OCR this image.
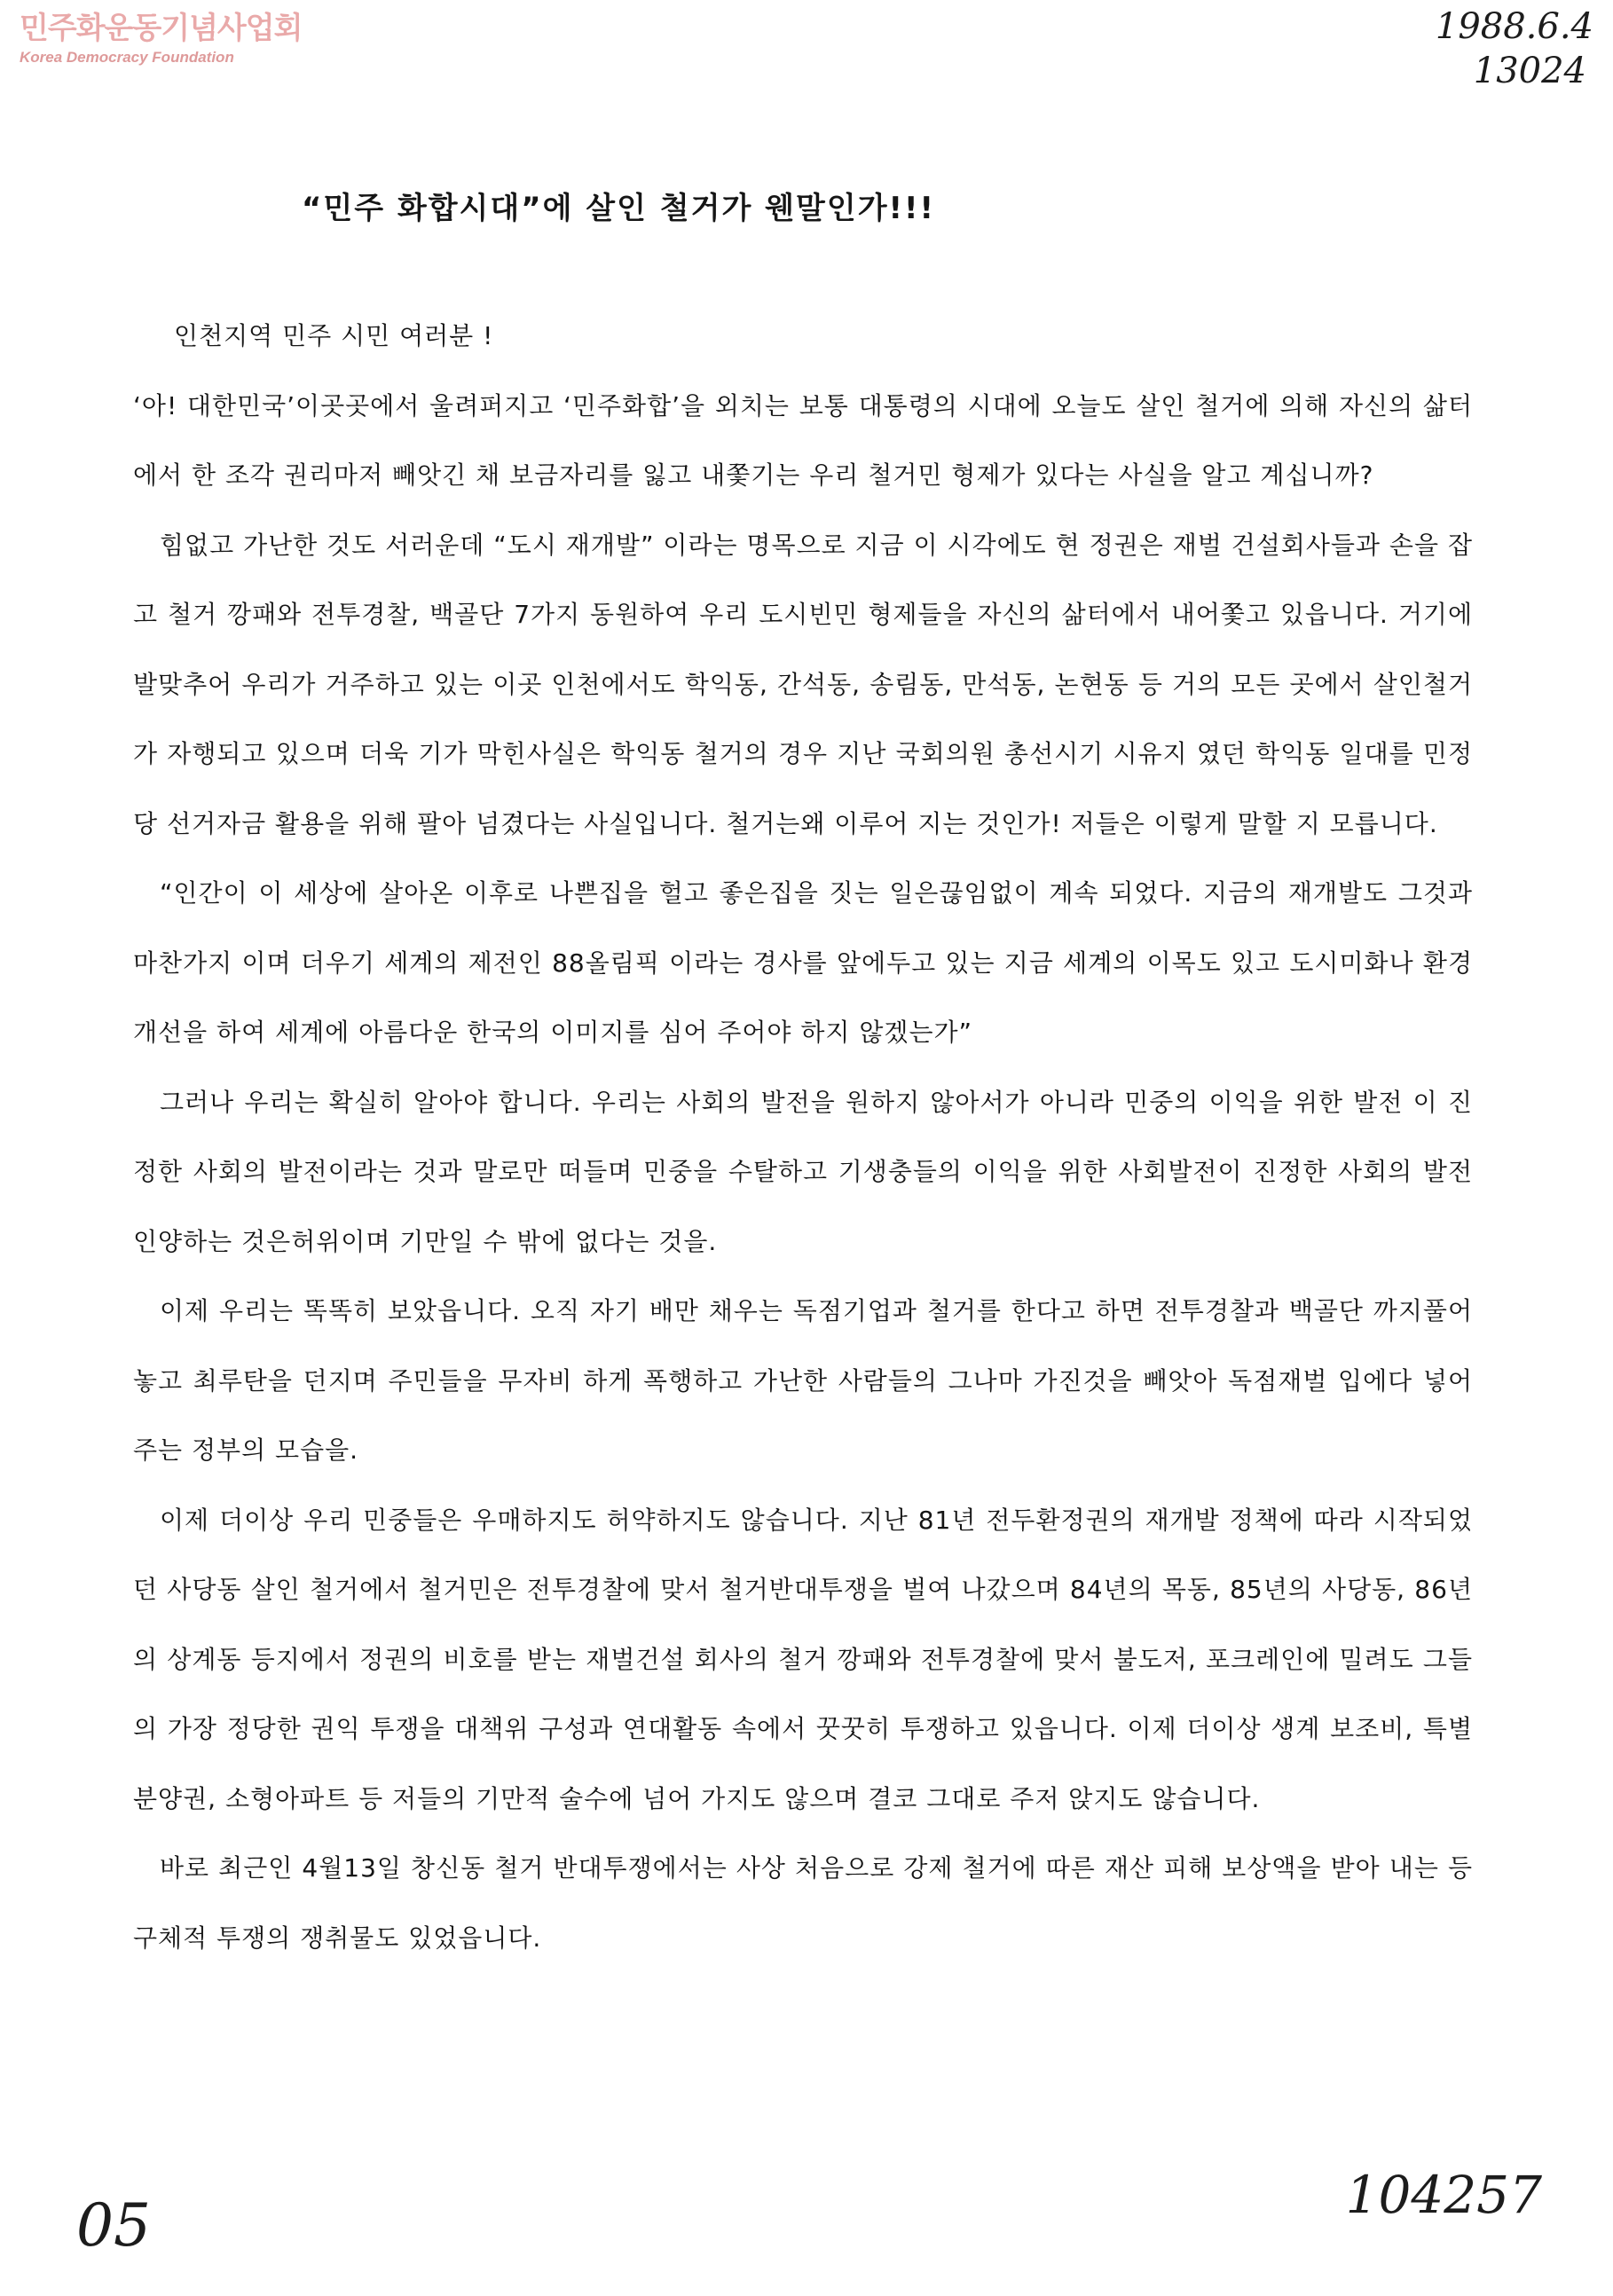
민주화운동기념사업회
Korea Democracy Foundation
1988.6.4
13024
“민주 화합시대”에 살인 철거가 웬말인가!!!

인천지역 민주 시민 여러분 !

‘아! 대한민국’이곳곳에서 울려퍼지고 ‘민주화합’을 외치는 보통 대통령의 시대에 오늘도 살인 철거에 의해 자신의 삶터에서 한 조각 권리마저 빼앗긴 채 보금자리를 잃고 내쫓기는 우리 철거민 형제가 있다는 사실을 알고 계십니까?

힘없고 가난한 것도 서러운데 “도시 재개발” 이라는 명목으로 지금 이 시각에도 현 정권은 재벌 건설회사들과 손을 잡고 철거 깡패와 전투경찰, 백골단 7가지 동원하여 우리 도시빈민 형제들을 자신의 삶터에서 내어쫓고 있읍니다. 거기에 발맞추어 우리가 거주하고 있는 이곳 인천에서도 학익동, 간석동, 송림동, 만석동, 논현동 등 거의 모든 곳에서 살인철거가 자행되고 있으며 더욱 기가 막힌사실은 학익동 철거의 경우 지난 국회의원 총선시기 시유지 였던 학익동 일대를 민정당 선거자금 활용을 위해 팔아 넘겼다는 사실입니다. 철거는왜 이루어 지는 것인가! 저들은 이렇게 말할 지 모릅니다.

“인간이 이 세상에 살아온 이후로 나쁜집을 헐고 좋은집을 짓는 일은끊임없이 계속 되었다. 지금의 재개발도 그것과 마찬가지 이며 더우기 세계의 제전인 88올림픽 이라는 경사를 앞에두고 있는 지금 세계의 이목도 있고 도시미화나 환경개선을 하여 세계에 아름다운 한국의 이미지를 심어 주어야 하지 않겠는가”

그러나 우리는 확실히 알아야 합니다. 우리는 사회의 발전을 원하지 않아서가 아니라 민중의 이익을 위한 발전 이 진정한 사회의 발전이라는 것과 말로만 떠들며 민중을 수탈하고 기생충들의 이익을 위한 사회발전이 진정한 사회의 발전인양하는 것은허위이며 기만일 수 밖에 없다는 것을.

이제 우리는 똑똑히 보았읍니다. 오직 자기 배만 채우는 독점기업과 철거를 한다고 하면 전투경찰과 백골단 까지풀어놓고 최루탄을 던지며 주민들을 무자비 하게 폭행하고 가난한 사람들의 그나마 가진것을 빼앗아 독점재벌 입에다 넣어주는 정부의 모습을.

이제 더이상 우리 민중들은 우매하지도 허약하지도 않습니다. 지난 81년 전두환정권의 재개발 정책에 따라 시작되었던 사당동 살인 철거에서 철거민은 전투경찰에 맞서 철거반대투쟁을 벌여 나갔으며 84년의 목동, 85년의 사당동, 86년의 상계동 등지에서 정권의 비호를 받는 재벌건설 회사의 철거 깡패와 전투경찰에 맞서 불도저, 포크레인에 밀려도 그들의 가장 정당한 권익 투쟁을 대책위 구성과 연대활동 속에서 꿋꿋히 투쟁하고 있읍니다. 이제 더이상 생계 보조비, 특별 분양권, 소형아파트 등 저들의 기만적 술수에 넘어 가지도 않으며 결코 그대로 주저 앉지도 않습니다.

바로 최근인 4월13일 창신동 철거 반대투쟁에서는 사상 처음으로 강제 철거에 따른 재산 피해 보상액을 받아 내는 등 구체적 투쟁의 쟁취물도 있었읍니다.

05	104257
